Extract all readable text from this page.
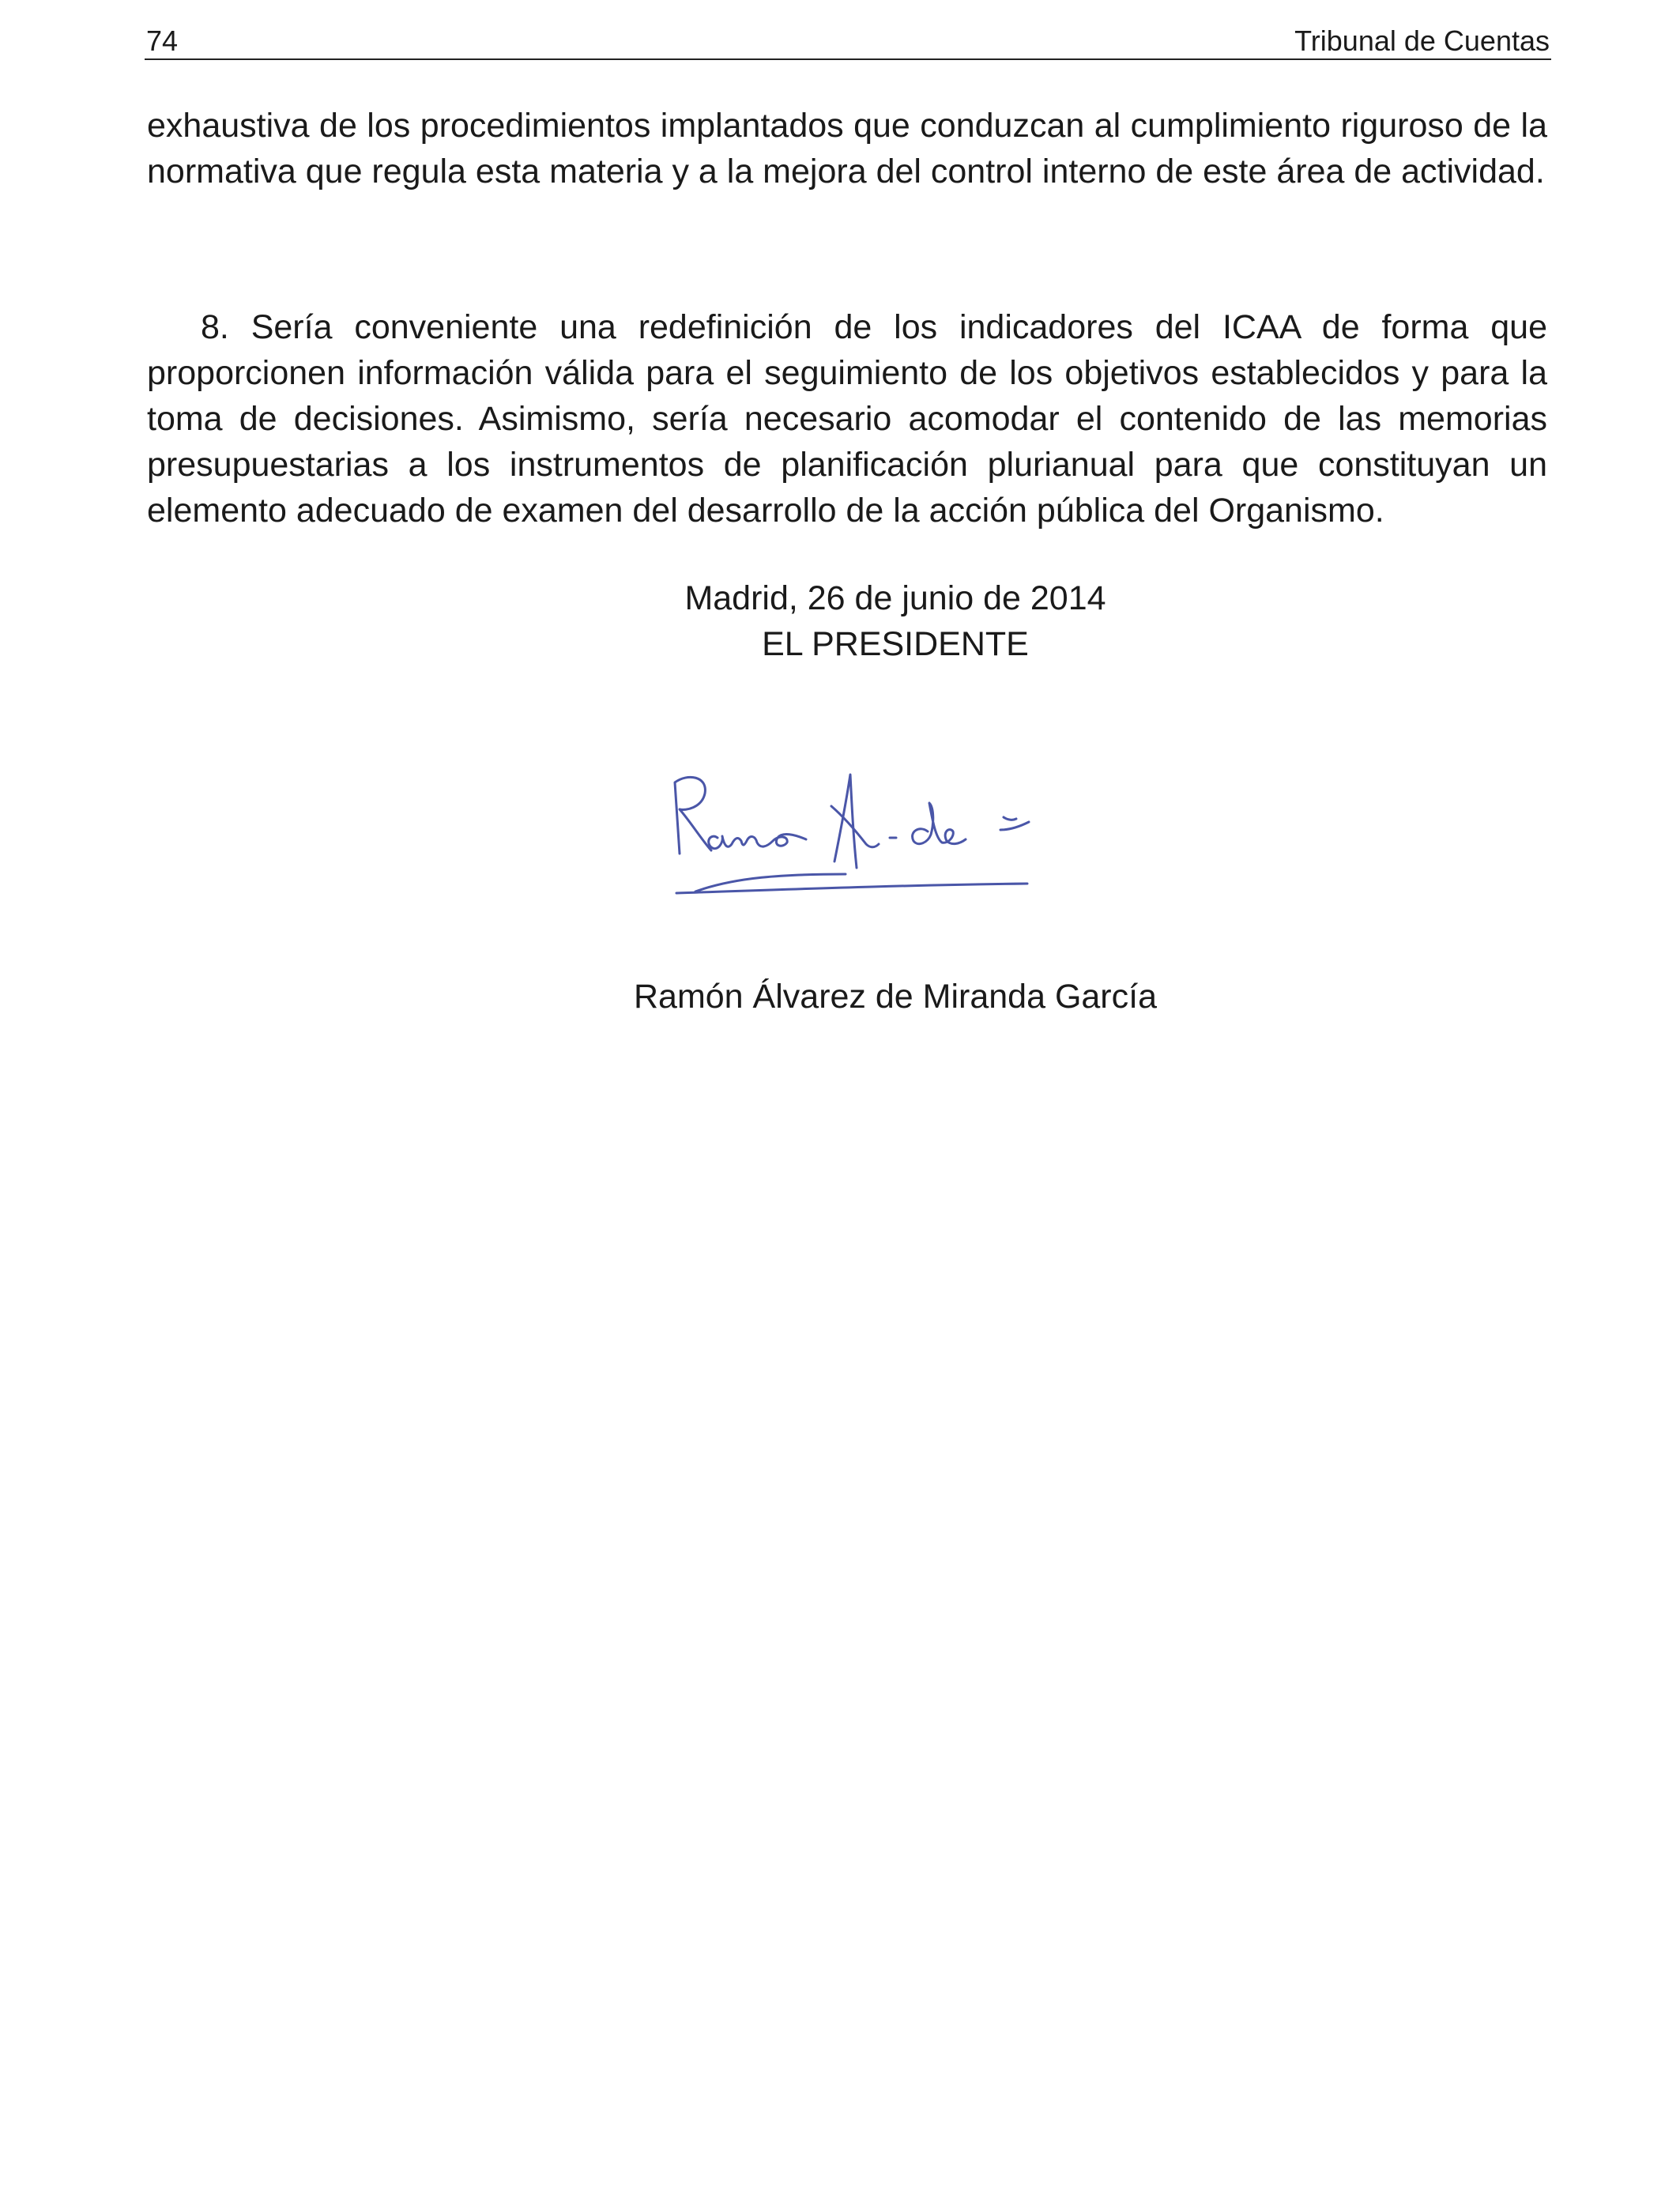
74	Tribunal de Cuentas

exhaustiva de los procedimientos implantados que conduzcan al cumplimiento riguroso de la normativa que regula esta materia y a la mejora del control interno de este área de actividad.

8. Sería conveniente una redefinición de los indicadores del ICAA de forma que proporcionen información válida para el seguimiento de los objetivos establecidos y para la toma de decisiones. Asimismo, sería necesario acomodar el contenido de las memorias presupuestarias a los instrumentos de planificación plurianual para que constituyan un elemento adecuado de examen del desarrollo de la acción pública del Organismo.

Madrid, 26 de junio de 2014
EL PRESIDENTE
Ramón Álvarez de Miranda García
